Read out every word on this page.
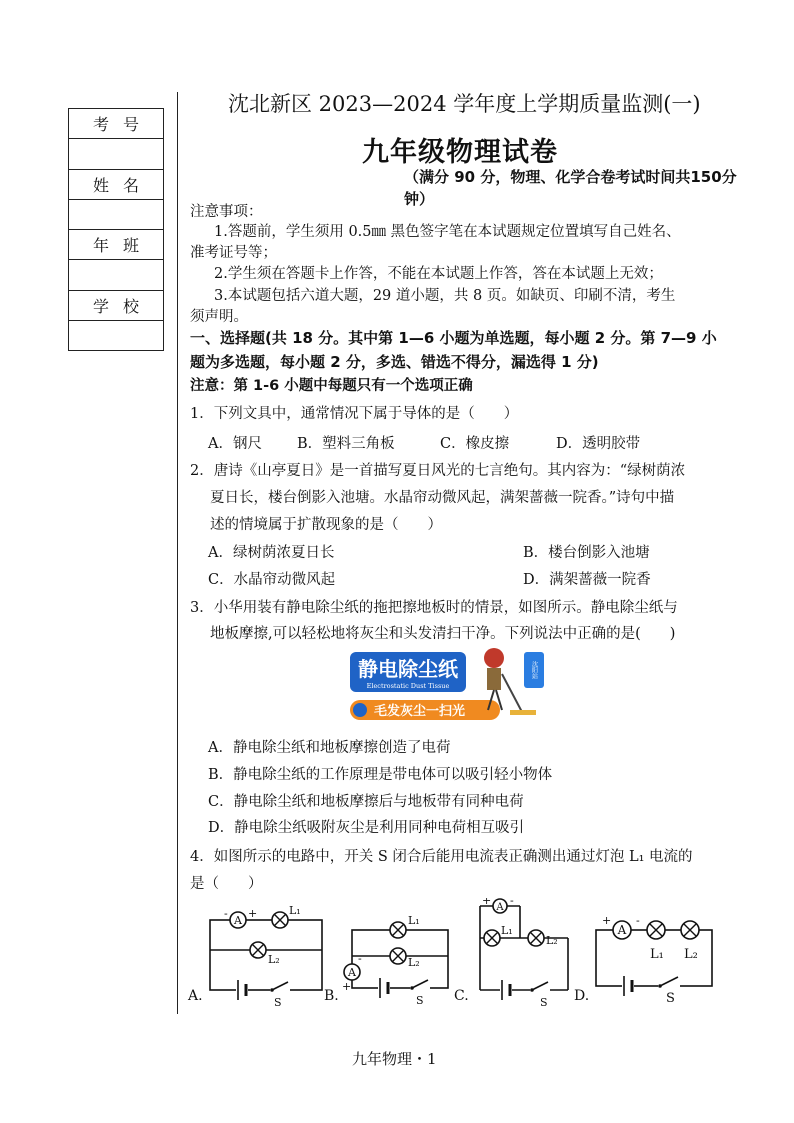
考号

姓名

年班

学校

沈北新区 2023—2024 学年度上学期质量监测(一)
九年级物理试卷
（满分 90 分，物理、化学合卷考试时间共150分
钟）
注意事项：
1.答题前，学生须用 0.5㎜ 黑色签字笔在本试题规定位置填写自己姓名、
准考证号等；
2.学生须在答题卡上作答，不能在本试题上作答，答在本试题上无效；
3.本试题包括六道大题，29 道小题，共 8 页。如缺页、印刷不清，考生
须声明。
一、选择题(共 18 分。其中第 1—6 小题为单选题，每小题 2 分。第 7—9 小
题为多选题，每小题 2 分，多选、错选不得分，漏选得 1 分)
注意：第 1-6 小题中每题只有一个选项正确
1．下列文具中，通常情况下属于导体的是（　　）
A．钢尺 B．塑料三角板	C．橡皮擦	D．透明胶带
2．唐诗《山亭夏日》是一首描写夏日风光的七言绝句。其内容为：“绿树荫浓
夏日长，楼台倒影入池塘。水晶帘动微风起，满架蔷薇一院香。”诗句中描
述的情境属于扩散现象的是（　　）
A．绿树荫浓夏日长	B．楼台倒影入池塘
C．水晶帘动微风起	D．满架蔷薇一院香
3．小华用装有静电除尘纸的拖把擦地板时的情景，如图所示。静电除尘纸与
地板摩擦,可以轻松地将灰尘和头发清扫干净。下列说法中正确的是(　　)
静电除尘纸
Electrostatic Dust Tissue
毛发灰尘一扫光
沈阳站
A．静电除尘纸和地板摩擦创造了电荷
B．静电除尘纸的工作原理是带电体可以吸引轻小物体
C．静电除尘纸和地板摩擦后与地板带有同种电荷
D．静电除尘纸吸附灰尘是利用同种电荷相互吸引
4．如图所示的电路中，开关 S 闭合后能用电流表正确测出通过灯泡 L₁ 电流的
是（　　）
A
A
A
A
- +	L₁
L₂
S
+
-
L₁
L₂
S
+ -
L₁
L₂
S
+ -
L₁ L₂
S
A.	B.	C.	D.
九年物理・1
